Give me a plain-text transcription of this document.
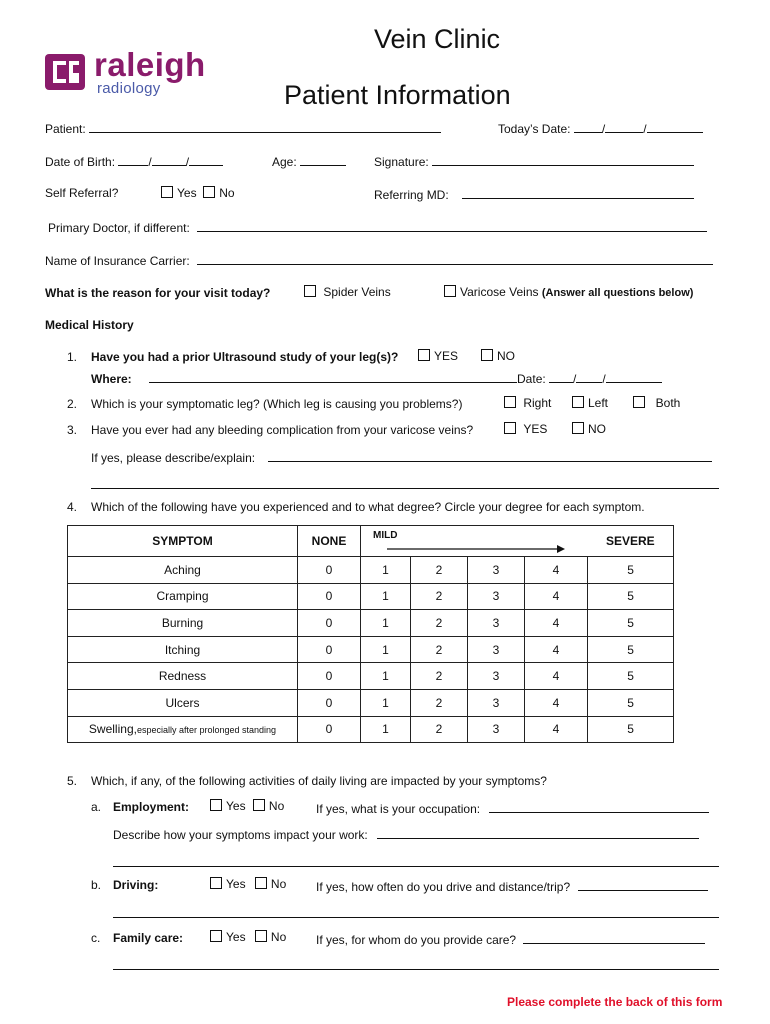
raleigh
radiology
Vein Clinic
Patient Information
Patient:	Today’s Date:	/	/
Date of Birth:	/	/	Age:	Signature:
Self Referral?	Yes No	Referring MD:
Primary Doctor, if different:
Name of Insurance Carrier:
What is the reason for your visit today?	Spider Veins	Varicose Veins (Answer all questions below)
Medical History
1. Have you had a prior Ultrasound study of your leg(s)?	YES	NO
Where:	Date: / /
2. Which is your symptomatic leg? (Which leg is causing you problems?)	Right	Left	Both
3. Have you ever had any bleeding complication from your varicose veins?	YES	NO
If yes, please describe/explain:
4. Which of the following have you experienced and to what degree? Circle your degree for each symptom.
SYMPTOM	NONE	MILD				SEVERE
Aching	0	1	2	3	4	5
Cramping	0	1	2	3	4	5
Burning	0	1	2	3	4	5
Itching	0	1	2	3	4	5
Redness	0	1	2	3	4	5
Ulcers	0	1	2	3	4	5
Swelling,especially after prolonged standing	0	1	2	3	4	5
5. Which, if any, of the following activities of daily living are impacted by your symptoms?
a. Employment:	Yes No	If yes, what is your occupation:
Describe how your symptoms impact your work:
b. Driving:	Yes No If yes, how often do you drive and distance/trip?
c. Family care:	Yes No If yes, for whom do you provide care?
Please complete the back of this form
